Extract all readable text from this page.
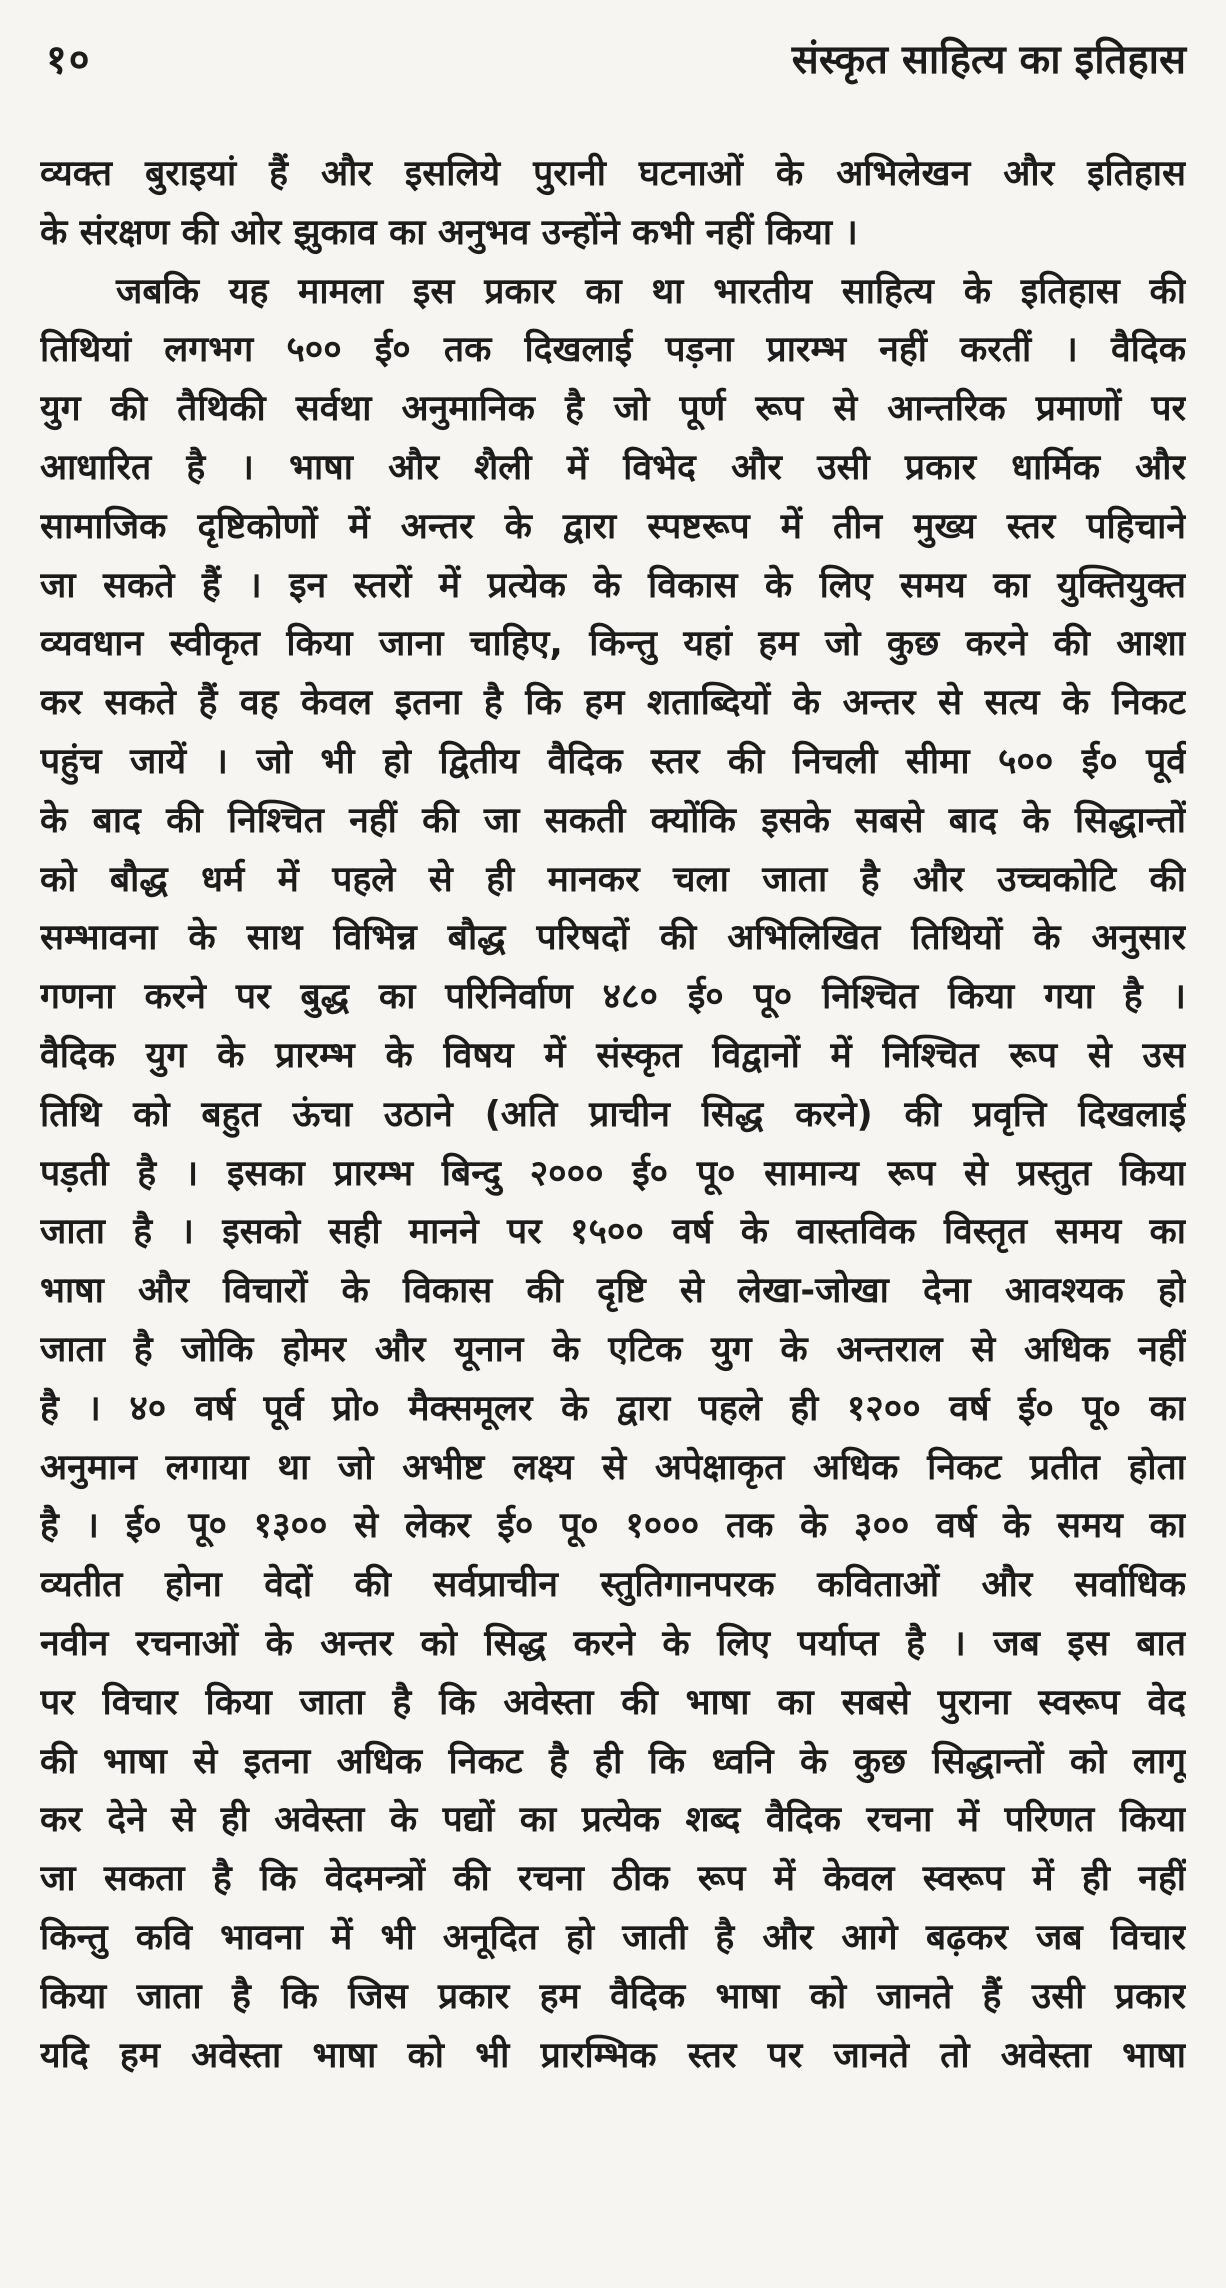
१०	संस्कृत साहित्य का इतिहास
व्यक्त बुराइयां हैं और इसलिये पुरानी घटनाओं के अभिलेखन और इतिहास
के संरक्षण की ओर झुकाव का अनुभव उन्होंने कभी नहीं किया ।
जबकि यह मामला इस प्रकार का था भारतीय साहित्य के इतिहास की
तिथियां लगभग ५०० ई० तक दिखलाई पड़ना प्रारम्भ नहीं करतीं । वैदिक
युग की तैथिकी सर्वथा अनुमानिक है जो पूर्ण रूप से आन्तरिक प्रमाणों पर
आधारित है । भाषा और शैली में विभेद और उसी प्रकार धार्मिक और
सामाजिक दृष्टिकोणों में अन्तर के द्वारा स्पष्टरूप में तीन मुख्य स्तर पहिचाने
जा सकते हैं । इन स्तरों में प्रत्येक के विकास के लिए समय का युक्तियुक्त
व्यवधान स्वीकृत किया जाना चाहिए, किन्तु यहां हम जो कुछ करने की आशा
कर सकते हैं वह केवल इतना है कि हम शताब्दियों के अन्तर से सत्य के निकट
पहुंच जायें । जो भी हो द्वितीय वैदिक स्तर की निचली सीमा ५०० ई० पूर्व
के बाद की निश्चित नहीं की जा सकती क्योंकि इसके सबसे बाद के सिद्धान्तों
को बौद्ध धर्म में पहले से ही मानकर चला जाता है और उच्चकोटि की
सम्भावना के साथ विभिन्न बौद्ध परिषदों की अभिलिखित तिथियों के अनुसार
गणना करने पर बुद्ध का परिनिर्वाण ४८० ई० पू० निश्चित किया गया है ।
वैदिक युग के प्रारम्भ के विषय में संस्कृत विद्वानों में निश्चित रूप से उस
तिथि को बहुत ऊंचा उठाने (अति प्राचीन सिद्ध करने) की प्रवृत्ति दिखलाई
पड़ती है । इसका प्रारम्भ बिन्दु २००० ई० पू० सामान्य रूप से प्रस्तुत किया
जाता है । इसको सही मानने पर १५०० वर्ष के वास्तविक विस्तृत समय का
भाषा और विचारों के विकास की दृष्टि से लेखा-जोखा देना आवश्यक हो
जाता है जोकि होमर और यूनान के एटिक युग के अन्तराल से अधिक नहीं
है । ४० वर्ष पूर्व प्रो० मैक्समूलर के द्वारा पहले ही १२०० वर्ष ई० पू० का
अनुमान लगाया था जो अभीष्ट लक्ष्य से अपेक्षाकृत अधिक निकट प्रतीत होता
है । ई० पू० १३०० से लेकर ई० पू० १००० तक के ३०० वर्ष के समय का
व्यतीत होना वेदों की सर्वप्राचीन स्तुतिगानपरक कविताओं और सर्वाधिक
नवीन रचनाओं के अन्तर को सिद्ध करने के लिए पर्याप्त है । जब इस बात
पर विचार किया जाता है कि अवेस्ता की भाषा का सबसे पुराना स्वरूप वेद
की भाषा से इतना अधिक निकट है ही कि ध्वनि के कुछ सिद्धान्तों को लागू
कर देने से ही अवेस्ता के पद्यों का प्रत्येक शब्द वैदिक रचना में परिणत किया
जा सकता है कि वेदमन्त्रों की रचना ठीक रूप में केवल स्वरूप में ही नहीं
किन्तु कवि भावना में भी अनूदित हो जाती है और आगे बढ़कर जब विचार
किया जाता है कि जिस प्रकार हम वैदिक भाषा को जानते हैं उसी प्रकार
यदि हम अवेस्ता भाषा को भी प्रारम्भिक स्तर पर जानते तो अवेस्ता भाषा
